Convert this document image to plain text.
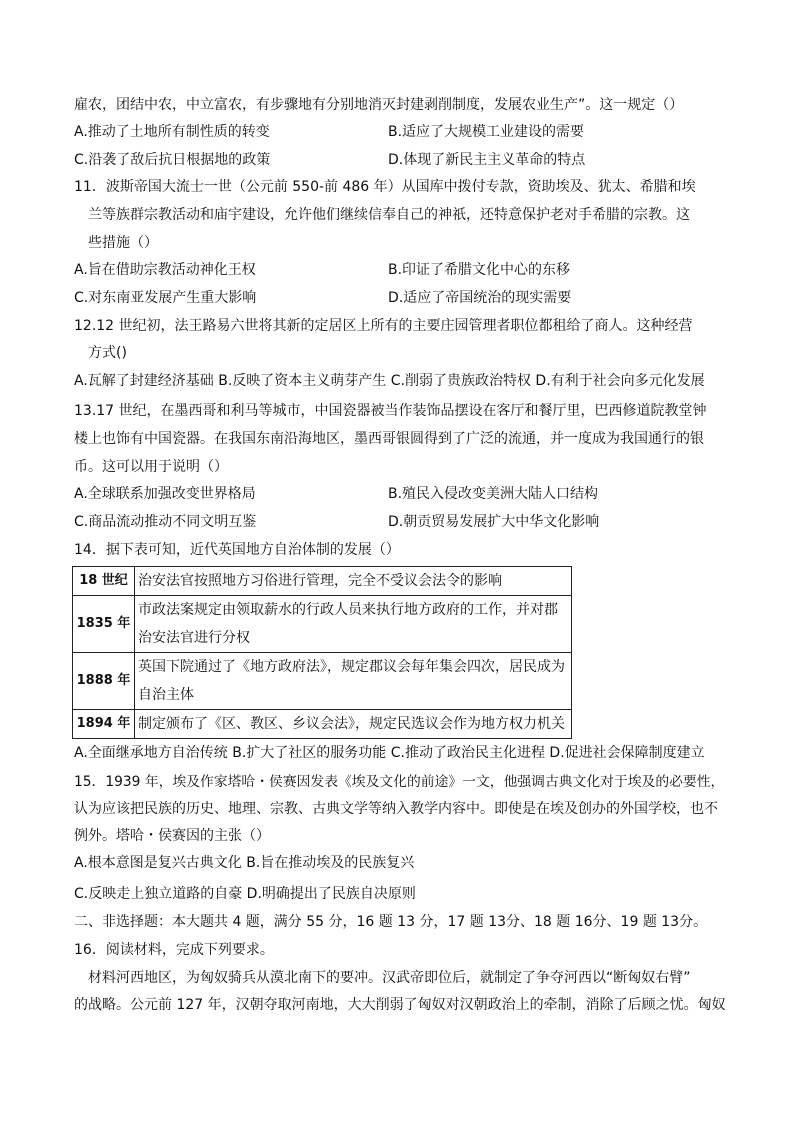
雇农，团结中农，中立富农，有步骤地有分别地消灭封建剥削制度，发展农业生产”。这一规定（）
A.推动了土地所有制性质的转变	B.适应了大规模工业建设的需要
C.沿袭了敌后抗日根据地的政策	D.体现了新民主主义革命的特点
11．波斯帝国大流士一世（公元前 550-前 486 年）从国库中拨付专款，资助埃及、犹太、希腊和埃
兰等族群宗教活动和庙宇建设，允许他们继续信奉自己的神祇，还特意保护老对手希腊的宗教。这
些措施（）
A.旨在借助宗教活动神化王权	B.印证了希腊文化中心的东移
C.对东南亚发展产生重大影响	D.适应了帝国统治的现实需要
12.12 世纪初，法王路易六世将其新的定居区上所有的主要庄园管理者职位都租给了商人。这种经营
方式()
A.瓦解了封建经济基础 B.反映了资本主义萌芽产生 C.削弱了贵族政治特权 D.有利于社会向多元化发展
13.17 世纪，在墨西哥和利马等城市，中国瓷器被当作装饰品摆设在客厅和餐厅里，巴西修道院教堂钟
楼上也饰有中国瓷器。在我国东南沿海地区，墨西哥银圆得到了广泛的流通，并一度成为我国通行的银
币。这可以用于说明（）
A.全球联系加强改变世界格局	B.殖民入侵改变美洲大陆人口结构
C.商品流动推动不同文明互鉴	D.朝贡贸易发展扩大中华文化影响
14．据下表可知，近代英国地方自治体制的发展（）
18 世纪	治安法官按照地方习俗进行管理，完全不受议会法令的影响
1835 年	市政法案规定由领取薪水的行政人员来执行地方政府的工作，并对郡治安法官进行分权
1888 年	英国下院通过了《地方政府法》，规定郡议会每年集会四次，居民成为自治主体
1894 年	制定颁布了《区、教区、乡议会法》，规定民选议会作为地方权力机关
A.全面继承地方自治传统 B.扩大了社区的服务功能 C.推动了政治民主化进程 D.促进社会保障制度建立
15．1939 年，埃及作家塔哈・侯赛因发表《埃及文化的前途》一文，他强调古典文化对于埃及的必要性，
认为应该把民族的历史、地理、宗教、古典文学等纳入教学内容中。即使是在埃及创办的外国学校，也不
例外。塔哈・侯赛因的主张（）
A.根本意图是复兴古典文化 B.旨在推动埃及的民族复兴
C.反映走上独立道路的自豪 D.明确提出了民族自决原则
二、非选择题：本大题共 4 题，满分 55 分，16 题 13 分，17 题 13分、18 题 16分、19 题 13分。
16．阅读材料，完成下列要求。
材料河西地区，为匈奴骑兵从漠北南下的要冲。汉武帝即位后，就制定了争夺河西以“断匈奴右臂”
的战略。公元前 127 年，汉朝夺取河南地，大大削弱了匈奴对汉朝政治上的牵制，消除了后顾之忧。匈奴
